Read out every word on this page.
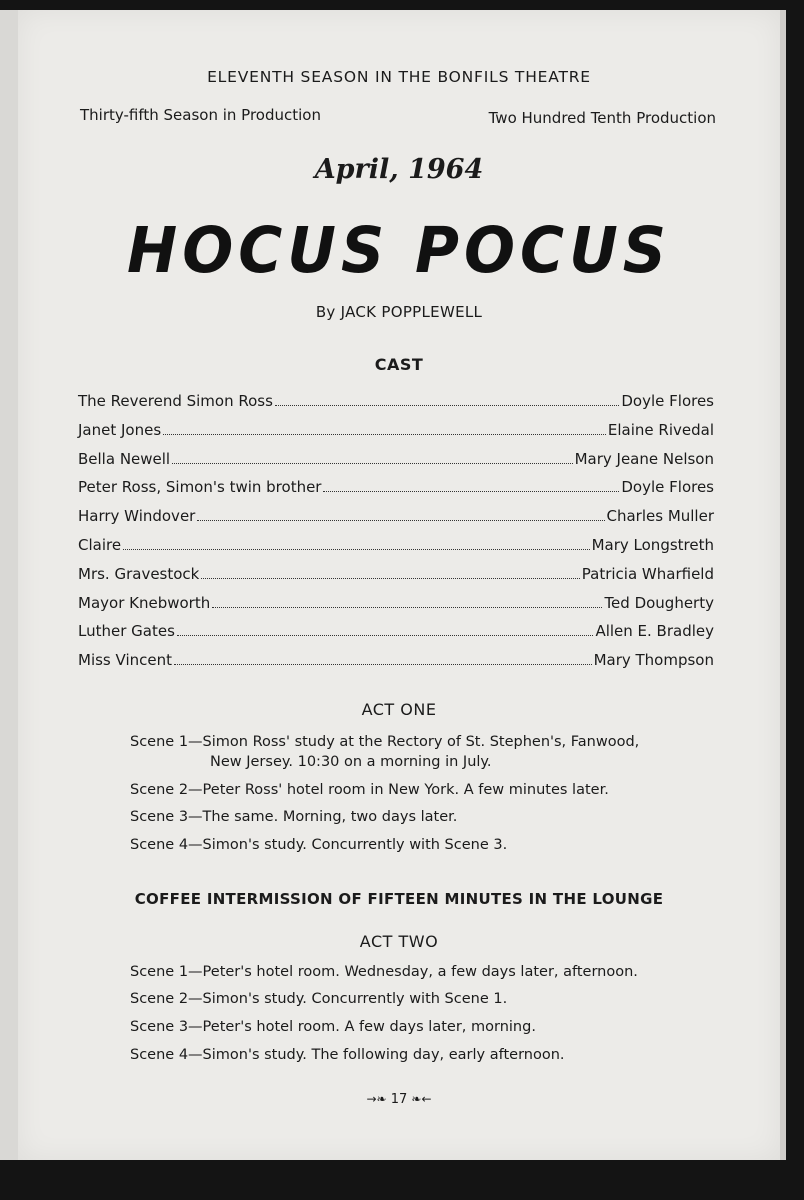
ELEVENTH SEASON IN THE BONFILS THEATRE
Thirty-fifth Season in Production	Two Hundred Tenth Production
April, 1964
HOCUS POCUS
By JACK POPPLEWELL
CAST
The Reverend Simon Ross	Doyle Flores
Janet Jones	Elaine Rivedal
Bella Newell	Mary Jeane Nelson
Peter Ross, Simon's twin brother	Doyle Flores
Harry Windover	Charles Muller
Claire	Mary Longstreth
Mrs. Gravestock	Patricia Wharfield
Mayor Knebworth	Ted Dougherty
Luther Gates	Allen E. Bradley
Miss Vincent	Mary Thompson
ACT ONE
Scene 1—Simon Ross' study at the Rectory of St. Stephen's, Fanwood,
New Jersey. 10:30 on a morning in July.
Scene 2—Peter Ross' hotel room in New York. A few minutes later.
Scene 3—The same. Morning, two days later.
Scene 4—Simon's study. Concurrently with Scene 3.
COFFEE INTERMISSION OF FIFTEEN MINUTES IN THE LOUNGE
ACT TWO
Scene 1—Peter's hotel room. Wednesday, a few days later, afternoon.
Scene 2—Simon's study. Concurrently with Scene 1.
Scene 3—Peter's hotel room. A few days later, morning.
Scene 4—Simon's study. The following day, early afternoon.
→❧ 17 ❧←
